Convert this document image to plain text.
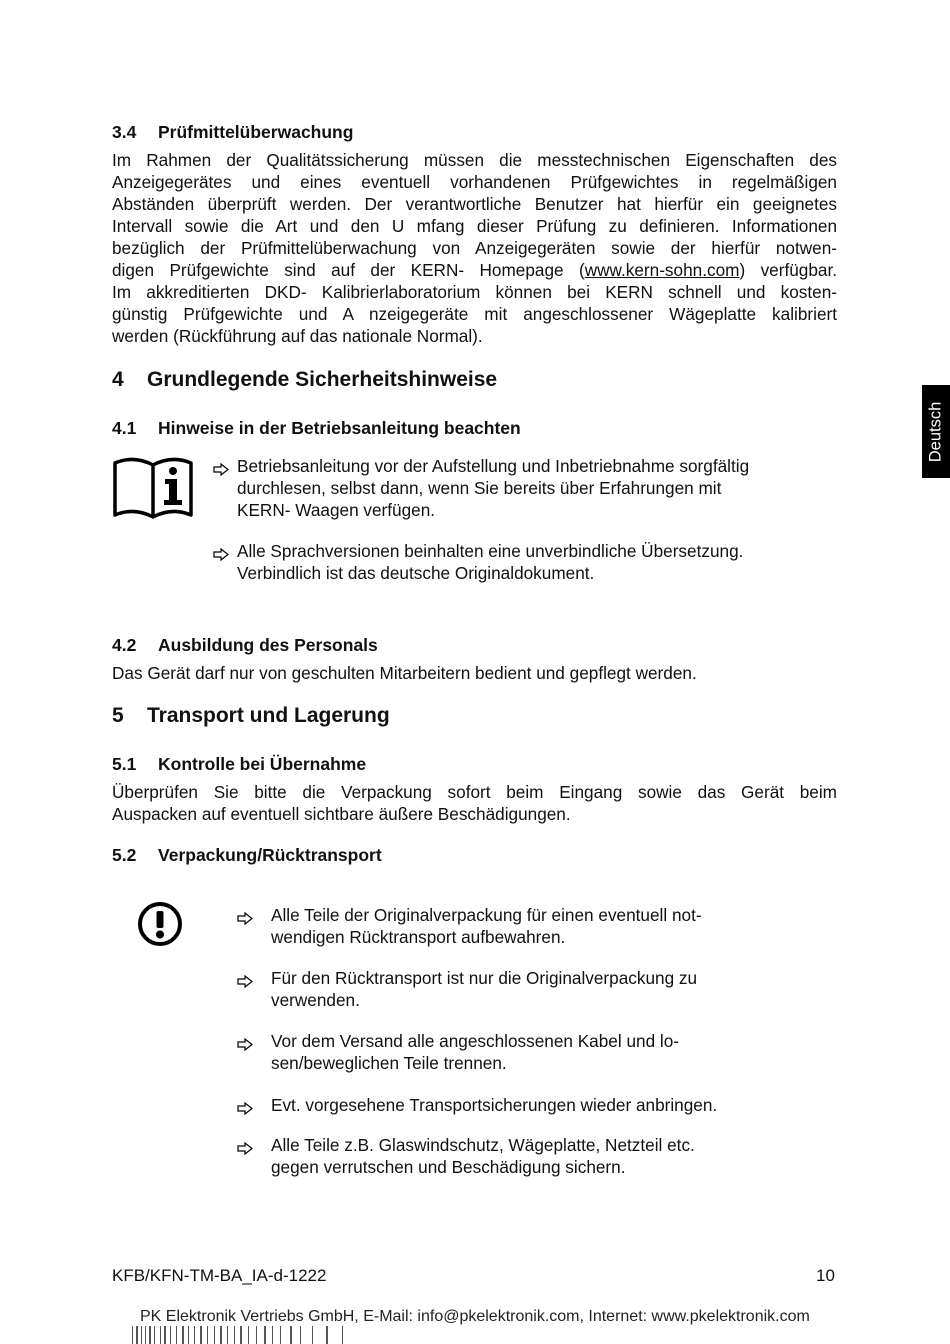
3.4 Prüfmittelüberwachung
Im Rahmen der Qualitätssicherung müssen die messtechnischen Eigenschaften des
Anzeigegerätes und eines eventuell vorhandenen Prüfgewichtes in regelmäßigen
Abständen überprüft werden. Der verantwortliche Benutzer hat hierfür ein geeignetes
Intervall sowie die Art und den U mfang dieser Prüfung zu definieren. Informationen
bezüglich der Prüfmittelüberwachung von Anzeigegeräten sowie der hierfür notwen-
digen Prüfgewichte sind auf der KERN- Homepage (www.kern-sohn.com) verfügbar.
Im akkreditierten DKD- Kalibrierlaboratorium können bei KERN schnell und kosten-
günstig Prüfgewichte und A nzeigegeräte mit angeschlossener Wägeplatte kalibriert
werden (Rückführung auf das nationale Normal).
4 Grundlegende Sicherheitshinweise
4.1 Hinweise in der Betriebsanleitung beachten
Betriebsanleitung vor der Aufstellung und Inbetriebnahme sorgfältig
durchlesen, selbst dann, wenn Sie bereits über Erfahrungen mit
KERN- Waagen verfügen.
Alle Sprachversionen beinhalten eine unverbindliche Übersetzung.
Verbindlich ist das deutsche Originaldokument.
4.2 Ausbildung des Personals
Das Gerät darf nur von geschulten Mitarbeitern bedient und gepflegt werden.
5 Transport und Lagerung
5.1 Kontrolle bei Übernahme
Überprüfen Sie bitte die Verpackung sofort beim Eingang sowie das Gerät beim
Auspacken auf eventuell sichtbare äußere Beschädigungen.
5.2 Verpackung/Rücktransport
Alle Teile der Originalverpackung für einen eventuell not-
wendigen Rücktransport aufbewahren.
Für den Rücktransport ist nur die Originalverpackung zu
verwenden.
Vor dem Versand alle angeschlossenen Kabel und lo-
sen/beweglichen Teile trennen.
Evt. vorgesehene Transportsicherungen wieder anbringen.
Alle Teile z.B. Glaswindschutz, Wägeplatte, Netzteil etc.
gegen verrutschen und Beschädigung sichern.
Deutsch
KFB/KFN-TM-BA_IA-d-1222	10
PK Elektronik Vertriebs GmbH, E-Mail: info@pkelektronik.com, Internet: www.pkelektronik.com
